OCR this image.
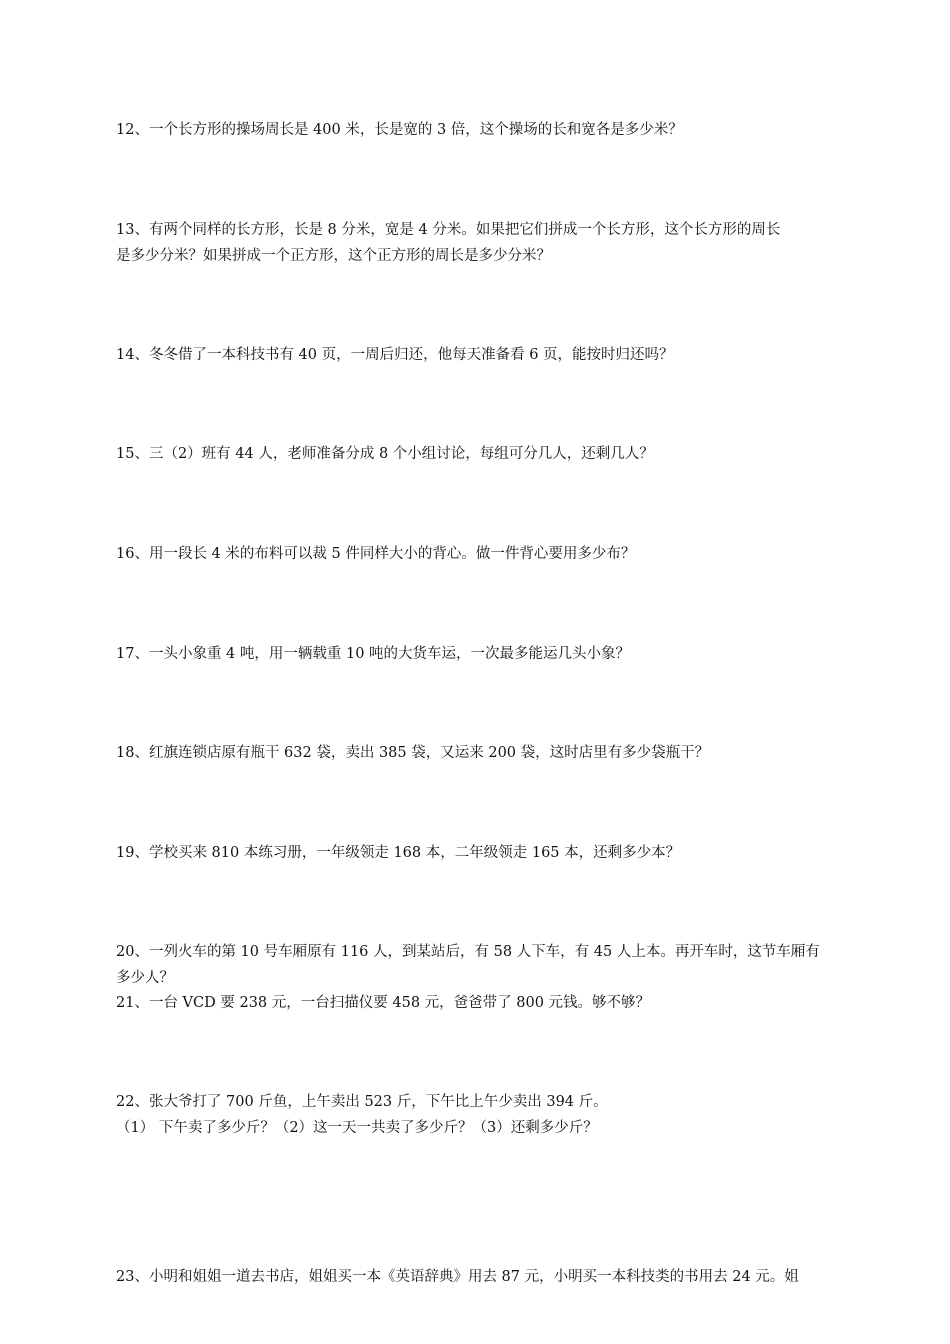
12、一个长方形的操场周长是 400 米，长是宽的 3 倍，这个操场的长和宽各是多少米？
13、有两个同样的长方形，长是 8 分米，宽是 4 分米。如果把它们拼成一个长方形，这个长方形的周长
是多少分米？如果拼成一个正方形，这个正方形的周长是多少分米？
14、冬冬借了一本科技书有 40 页，一周后归还，他每天准备看 6 页，能按时归还吗？
15、三（2）班有 44 人，老师准备分成 8 个小组讨论，每组可分几人，还剩几人？
16、用一段长 4 米的布料可以裁 5 件同样大小的背心。做一件背心要用多少布？
17、一头小象重 4 吨，用一辆载重 10 吨的大货车运，一次最多能运几头小象？
18、红旗连锁店原有瓶干 632 袋，卖出 385 袋，又运来 200 袋，这时店里有多少袋瓶干？
19、学校买来 810 本练习册，一年级领走 168 本，二年级领走 165 本，还剩多少本？
20、一列火车的第 10 号车厢原有 116 人，到某站后，有 58 人下车，有 45 人上本。再开车时，这节车厢有
多少人？
21、一台 VCD 要 238 元，一台扫描仪要 458 元，爸爸带了 800 元钱。够不够？
22、张大爷打了 700 斤鱼，上午卖出 523 斤，下午比上午少卖出 394 斤。
（1） 下午卖了多少斤？（2）这一天一共卖了多少斤？（3）还剩多少斤？
23、小明和姐姐一道去书店，姐姐买一本《英语辞典》用去 87 元，小明买一本科技类的书用去 24 元。姐
